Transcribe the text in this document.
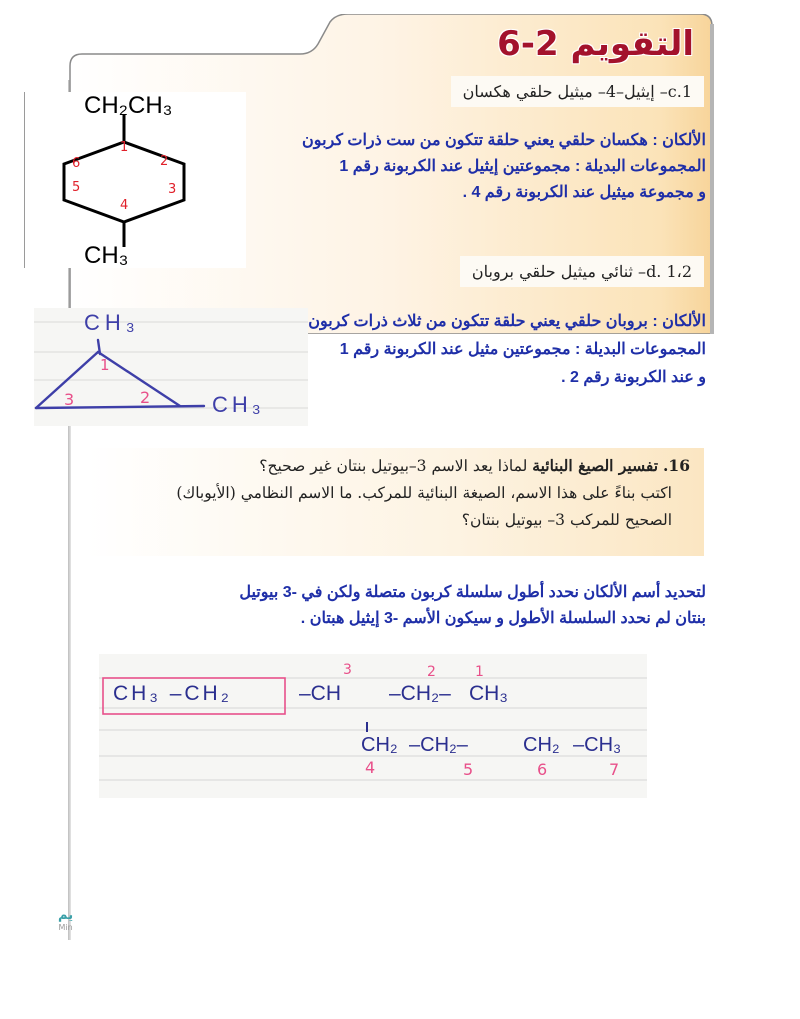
التقويم 2-6
c.1– إيثيل–4– ميثيل حلقي هكسان
CH₂CH₃
CH₃
1
2
3
4
5
6
الألكان : هكسان حلقي يعني حلقة تتكون من ست ذرات كربون
المجموعات البديلة : مجموعتين إيثيل عند الكربونة رقم 1
و مجموعة ميثيل عند الكربونة رقم 4 .
d. 1،2– ثنائي ميثيل حلقي بروبان
CH₃
CH₃
1
2
3
الألكان : بروبان حلقي يعني حلقة تتكون من ثلاث ذرات كربون
المجموعات البديلة : مجموعتين مثيل عند الكربونة رقم 1
و عند الكربونة رقم 2 .
16. تفسير الصيغ البنائية لماذا يعد الاسم 3–بيوتيل بنتان غير صحيح؟
اكتب بناءً على هذا الاسم، الصيغة البنائية للمركب. ما الاسم النظامي (الأيوباك)
الصحيح للمركب 3– بيوتيل بنتان؟
لتحديد أسم الألكان نحدد أطول سلسلة كربون متصلة ولكن في -3 بيوتيل
بنتان لم نحدد السلسلة الأطول و سيكون الأسم -3 إيثيل هبتان .
CH₃ –CH₂	–CH –CH₂– CH₃
3	2	1
CH₂ –CH₂–	CH₂ –CH₃
4	5	6	7
يم
Min
